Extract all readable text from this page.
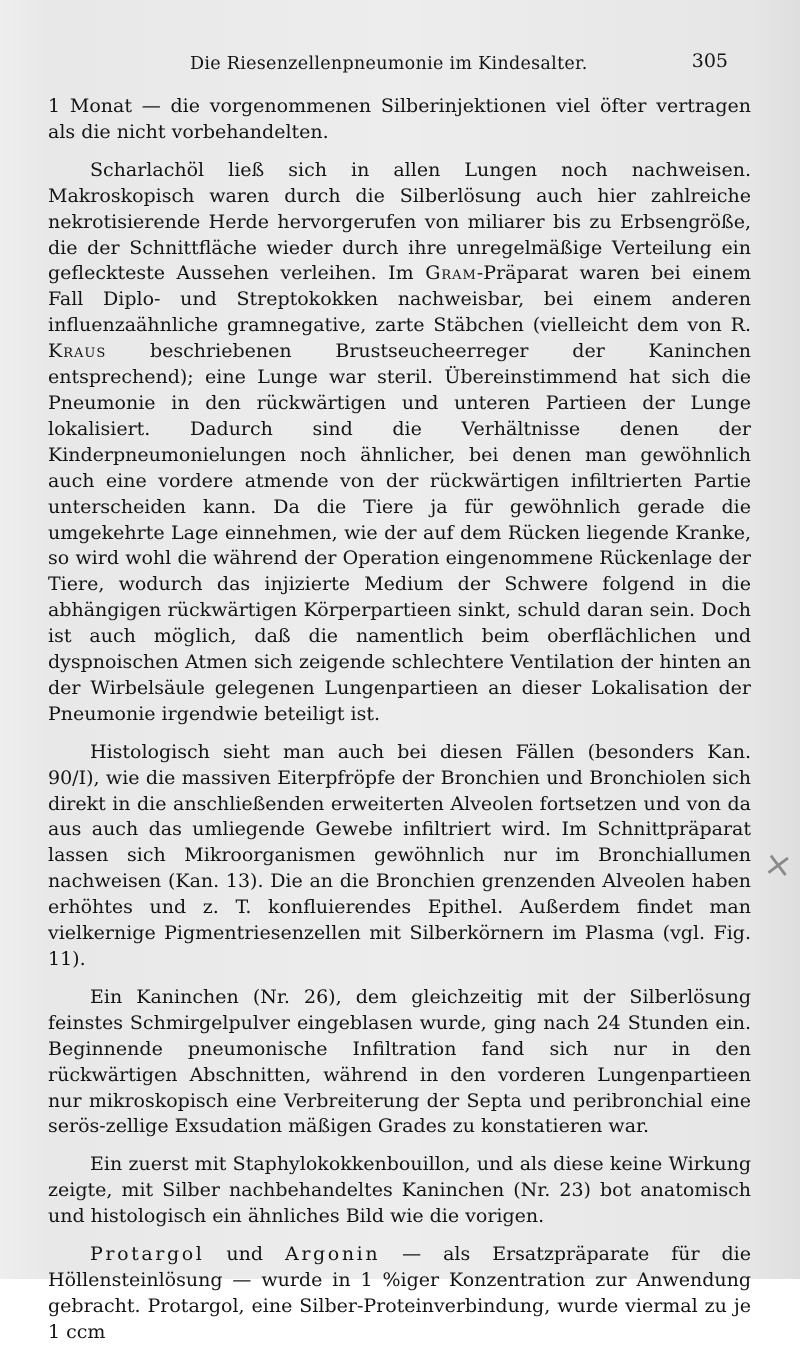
Die Riesenzellenpneumonie im Kindesalter.	305

1 Monat — die vorgenommenen Silberinjektionen viel öfter vertragen als die nicht vorbehandelten.

Scharlachöl ließ sich in allen Lungen noch nachweisen. Makroskopisch waren durch die Silberlösung auch hier zahlreiche nekrotisierende Herde hervorgerufen von miliarer bis zu Erbsengröße, die der Schnittfläche wieder durch ihre unregelmäßige Verteilung ein gefleckteste Aussehen verleihen. Im Gram-Präparat waren bei einem Fall Diplo- und Streptokokken nachweisbar, bei einem anderen influenzaähnliche gramnegative, zarte Stäbchen (vielleicht dem von R. Kraus beschriebenen Brustseucheerreger der Kaninchen entsprechend); eine Lunge war steril. Übereinstimmend hat sich die Pneumonie in den rückwärtigen und unteren Partieen der Lunge lokalisiert. Dadurch sind die Verhältnisse denen der Kinderpneumonielungen noch ähnlicher, bei denen man gewöhnlich auch eine vordere atmende von der rückwärtigen infiltrierten Partie unterscheiden kann. Da die Tiere ja für gewöhnlich gerade die umgekehrte Lage einnehmen, wie der auf dem Rücken liegende Kranke, so wird wohl die während der Operation eingenommene Rückenlage der Tiere, wodurch das injizierte Medium der Schwere folgend in die abhängigen rückwärtigen Körperpartieen sinkt, schuld daran sein. Doch ist auch möglich, daß die namentlich beim oberflächlichen und dyspnoischen Atmen sich zeigende schlechtere Ventilation der hinten an der Wirbelsäule gelegenen Lungenpartieen an dieser Lokalisation der Pneumonie irgendwie beteiligt ist.

Histologisch sieht man auch bei diesen Fällen (besonders Kan. 90/I), wie die massiven Eiterpfröpfe der Bronchien und Bronchiolen sich direkt in die anschließenden erweiterten Alveolen fortsetzen und von da aus auch das umliegende Gewebe infiltriert wird. Im Schnittpräparat lassen sich Mikroorganismen gewöhnlich nur im Bronchiallumen nachweisen (Kan. 13). Die an die Bronchien grenzenden Alveolen haben erhöhtes und z. T. konfluierendes Epithel. Außerdem findet man vielkernige Pigmentriesenzellen mit Silberkörnern im Plasma (vgl. Fig. 11).

Ein Kaninchen (Nr. 26), dem gleichzeitig mit der Silberlösung feinstes Schmirgelpulver eingeblasen wurde, ging nach 24 Stunden ein. Beginnende pneumonische Infiltration fand sich nur in den rückwärtigen Abschnitten, während in den vorderen Lungenpartieen nur mikroskopisch eine Verbreiterung der Septa und peribronchial eine serös-zellige Exsudation mäßigen Grades zu konstatieren war.

Ein zuerst mit Staphylokokkenbouillon, und als diese keine Wirkung zeigte, mit Silber nachbehandeltes Kaninchen (Nr. 23) bot anatomisch und histologisch ein ähnliches Bild wie die vorigen.

Protargol und Argonin — als Ersatzpräparate für die Höllensteinlösung — wurde in 1 %iger Konzentration zur Anwendung gebracht. Protargol, eine Silber-Proteinverbindung, wurde viermal zu je 1 ccm

×
